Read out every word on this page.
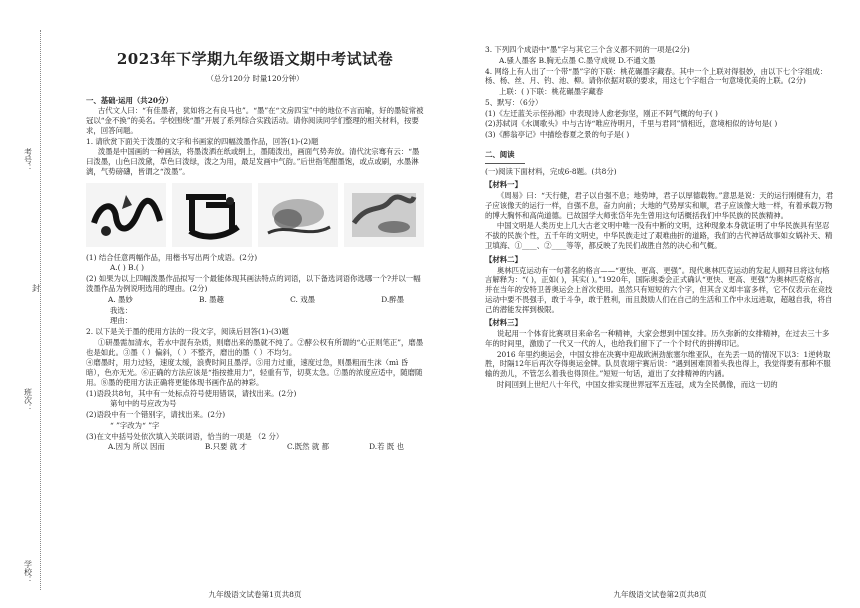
考号：
封
班次：
学校：
2023年下学期九年级语文期中考试试卷
（总分120分 时量120分钟）
一、基础·运用（共20分）

古代文人曰：“有佳墨者，犹如将之有良马也”。“墨”在“文房四宝”中的地位不言而喻，好的墨锭常被冠以“金不换”的美名。学校围绕“墨”开展了系列综合实践活动。请你阅读同学们整理的相关材料，按要求，回答问题。

1. 请欣赏下面关于泼墨的文字和书画家的四幅泼墨作品，回答(1)-(2)题

泼墨是中国画的一种画法，将墨泼洒在纸或绢上，墨随泼出，画面气势奔放。清代沈宗骞有云：“墨曰泼墨，山色曰泼黛，草色曰泼绿，泼之为用，最足发画中气韵。”后世指笔酣墨饱，或点或刷，水墨淋漓，气势磅礴，皆谓之“泼墨”。

(1) 结合任意两幅作品，用楷书写出两个成语。(2分)

A.( ) B.( )

(2) 如果为以上四幅泼墨作品拟写一个最能体现其画法特点的词语，以下备选词语你选哪一个?并以一幅泼墨作品为例说明选用的理由。(2分)

A. 墨妙	B. 墨趣	C. 戏墨	D.醉墨

我选：

理由：

2. 以下是关于墨的使用方法的一段文字，阅读后回答(1)-(3)题

①研墨需加清水，若水中混有杂质，则磨出来的墨就不纯了。②酵公权有所谓的“心正则笔正”，磨墨也是如此。③墨（ ）偏斜，（ ）不整齐，磨出的墨（ ）不均匀。

④磨墨时，用力过轻，速度太缓，浪费时间且墨浮。⑤用力过重，速度过急，则墨粗而生沫（mì 昏暗），色亦无光。⑥正确的方法应该是“指按推用力”，轻重有节，切莫太急。⑦墨的浓度应适中，随磨随用。⑧墨的使用方法正确将更能体现书画作品的神彩。

(1)语段共8句，其中有一处标点符号使用错误，请找出来。(2分)

第句中的号应改为号

(2)语段中有一个错别字，请找出来。(2分)

“ ”字改为“ ”字

(3)在文中括号处依次填入关联词语，恰当的一项是 （2 分）

A.因为 所以 因而	B.只要 就 才	C.既然 就 都	D.若 既 也
九年级语文试卷第1页共8页

3. 下列四个成语中“墨”字与其它三个含义都不同的一项是(2分)

A.骚人墨客 B.胸无点墨 C.墨守成规 D.不通文墨

4. 网络上有人出了一个带“墨”字的下联：桃花碾墨字藏春。其中一个上联对得很妙，由以下七个字组成：杨、杨、丝、月、钓、池、柳。请你依据对联的要求，用这七个字组合一句意境优美的上联。(2分)

上联：( )下联：桃花碾墨字藏春

5、默写：（6分）

(1)《左迁蓝关示侄孙湘》中表现诗人愈老弥坚，刚正不阿气概的句子( )

(2)苏轼词《水调歌头》中与古诗“唯应待明月，千里与君同”情相近，意境相似的诗句是( )

(3)《醉翁亭记》中描绘春夏之景的句子是( )

二、阅读

(一)阅读下面材料，完成6-8题。(共8分)

【材料一】

《周易》曰：“天行健，君子以自强不息；地势坤，君子以厚德载物。”意思是说：天的运行刚健有力，君子应该像天的运行一样，自强不息，奋力向前；大地的气势厚实和顺，君子应该像大地一样，有着承载万物的博大胸怀和高尚道德。已故国学大师张岱年先生曾用这句话概括我们中华民族的民族精神。

中国文明是人类历史上几大古老文明中唯一没有中断的文明，这种现象本身就证明了中华民族具有坚忍不拔的民族个性，五千年的文明史，中华民族走过了艰难曲折的道路，我们的古代神话故事如女娲补天、精卫填海、①____、②____等等，都反映了先民们战胜自然的决心和气概。

【材料二】

奥林匹克运动有一句著名的格言——“更快、更高、更强”。现代奥林匹克运动的发起人顾拜旦将这句格言解释为：“( )，正如( )，其实( )。”1920年，国际奥委会正式确认“更快、更高、更强”为奥林匹克格言，并在当年的安特卫普奥运会上首次使用。虽然只有短短的六个字，但其含义却丰富多样，它不仅表示在竞技运动中要不畏强手，敢于斗争，敢于胜利，而且鼓励人们在自己的生活和工作中永远进取，超越自我，将自己的潜能发挥到极限。

【材料三】

说起用一个体育比赛项目来命名一种精神，大家会想到中国女排。历久弥新的女排精神，在过去三十多年的时间里，激励了一代又一代的人，也给我们留下了一个个时代的拼搏印记。

2016 年里约奥运会，中国女排在决赛中迎战欧洲劲旅塞尔维亚队，在先丢一局的情况下以3：1逆转取胜，时隔12年后再次夺得奥运金牌。队员袁翊宇赛后说：“遇到困难顶着头我也得上，我觉得要有那种不服输的劲儿，不管怎么着我也得顶住。”短短一句话，道出了女排精神的内涵。

时间回到上世纪八十年代，中国女排实现世界冠军五连冠，成为全民偶像，而这一切的

九年级语文试卷第2页共8页
